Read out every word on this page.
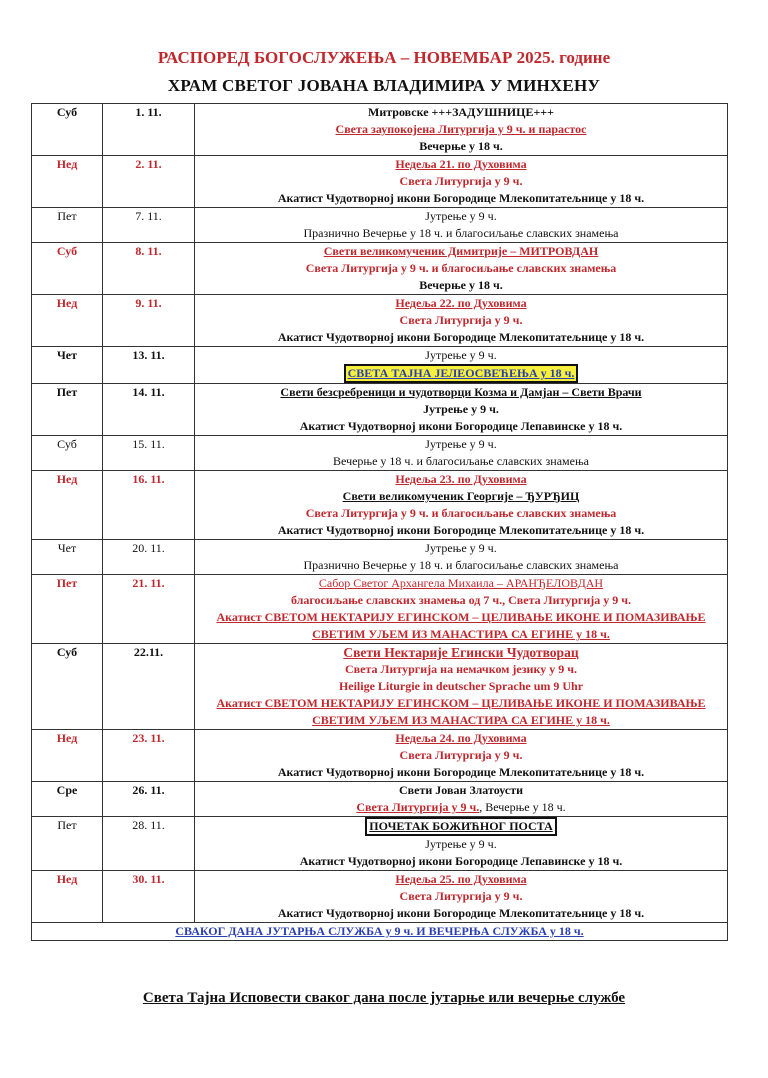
РАСПОРЕД БОГОСЛУЖЕЊА – НОВЕМБАР 2025. године
ХРАМ СВЕТОГ ЈОВАНА ВЛАДИМИРА У МИНХЕНУ
Суб	1. 11.	Митровске +++ЗАДУШНИЦЕ+++
Света заупокојена Литургија у 9 ч. и парастос
Вечерње у 18 ч.

Нед	2. 11.	Недеља 21. по Духовима
Света Литургија у 9 ч.
Акатист Чудотворној икони Богородице Млекопитатељнице у 18 ч.

Пет	7. 11.	Јутрење у 9 ч.
Празнично Вечерње у 18 ч. и благосиљање славских знамења

Суб	8. 11.	Свети великомученик Димитрије – МИТРОВДАН
Света Литургија у 9 ч. и благосиљање славских знамења
Вечерње у 18 ч.

Нед	9. 11.	Недеља 22. по Духовима
Света Литургија у 9 ч.
Акатист Чудотворној икони Богородице Млекопитатељнице у 18 ч.

Чет	13. 11.	Јутрење у 9 ч.
СВЕТА ТАЈНА ЈЕЛЕОСВЕЋЕЊА у 18 ч.

Пет	14. 11.	Свети безсребреници и чудотворци Козма и Дамјан – Свети Врачи
Јутрење у 9 ч.
Акатист Чудотворној икони Богородице Лепавинске у 18 ч.

Суб	15. 11.	Јутрење у 9 ч.
Вечерње у 18 ч. и благосиљање славских знамења

Нед	16. 11.	Недеља 23. по Духовима
Свети великомученик Георгије – ЂУРЂИЦ
Света Литургија у 9 ч. и благосиљање славских знамења
Акатист Чудотворној икони Богородице Млекопитатељнице у 18 ч.

Чет	20. 11.	Јутрење у 9 ч.
Празнично Вечерње у 18 ч. и благосиљање славских знамења

Пет	21. 11.	Сабор Светог Архангела Михаила – АРАНЂЕЛОВДАН
благосиљање славских знамења од 7 ч., Света Литургија у 9 ч.
Акатист СВЕТОМ НЕКТАРИЈУ ЕГИНСКОМ – ЦЕЛИВАЊЕ ИКОНЕ И ПОМАЗИВАЊЕ
СВЕТИМ УЉЕМ ИЗ МАНАСТИРА СА ЕГИНЕ у 18 ч.

Суб	22.11.	Свети Нектарије Егински Чудотворац
Света Литургија на немачком језику у 9 ч.
Heilige Liturgie in deutscher Sprache um 9 Uhr
Акатист СВЕТОМ НЕКТАРИЈУ ЕГИНСКОМ – ЦЕЛИВАЊЕ ИКОНЕ И ПОМАЗИВАЊЕ
СВЕТИМ УЉЕМ ИЗ МАНАСТИРА СА ЕГИНЕ у 18 ч.

Нед	23. 11.	Недеља 24. по Духовима
Света Литургија у 9 ч.
Акатист Чудотворној икони Богородице Млекопитатељнице у 18 ч.

Сре	26. 11.	Свети Јован Златоусти
Света Литургија у 9 ч., Вечерње у 18 ч.

Пет	28. 11.	ПОЧЕТАК БОЖИЋНОГ ПОСТА
Јутрење у 9 ч.
Акатист Чудотворној икони Богородице Лепавинске у 18 ч.

Нед	30. 11.	Недеља 25. по Духовима
Света Литургија у 9 ч.
Акатист Чудотворној икони Богородице Млекопитатељнице у 18 ч.

СВАКОГ ДАНА ЈУТАРЊА СЛУЖБА у 9 ч. И ВЕЧЕРЊА СЛУЖБА у 18 ч.		
Света Тајна Исповести сваког дана после јутарње или вечерње службе
